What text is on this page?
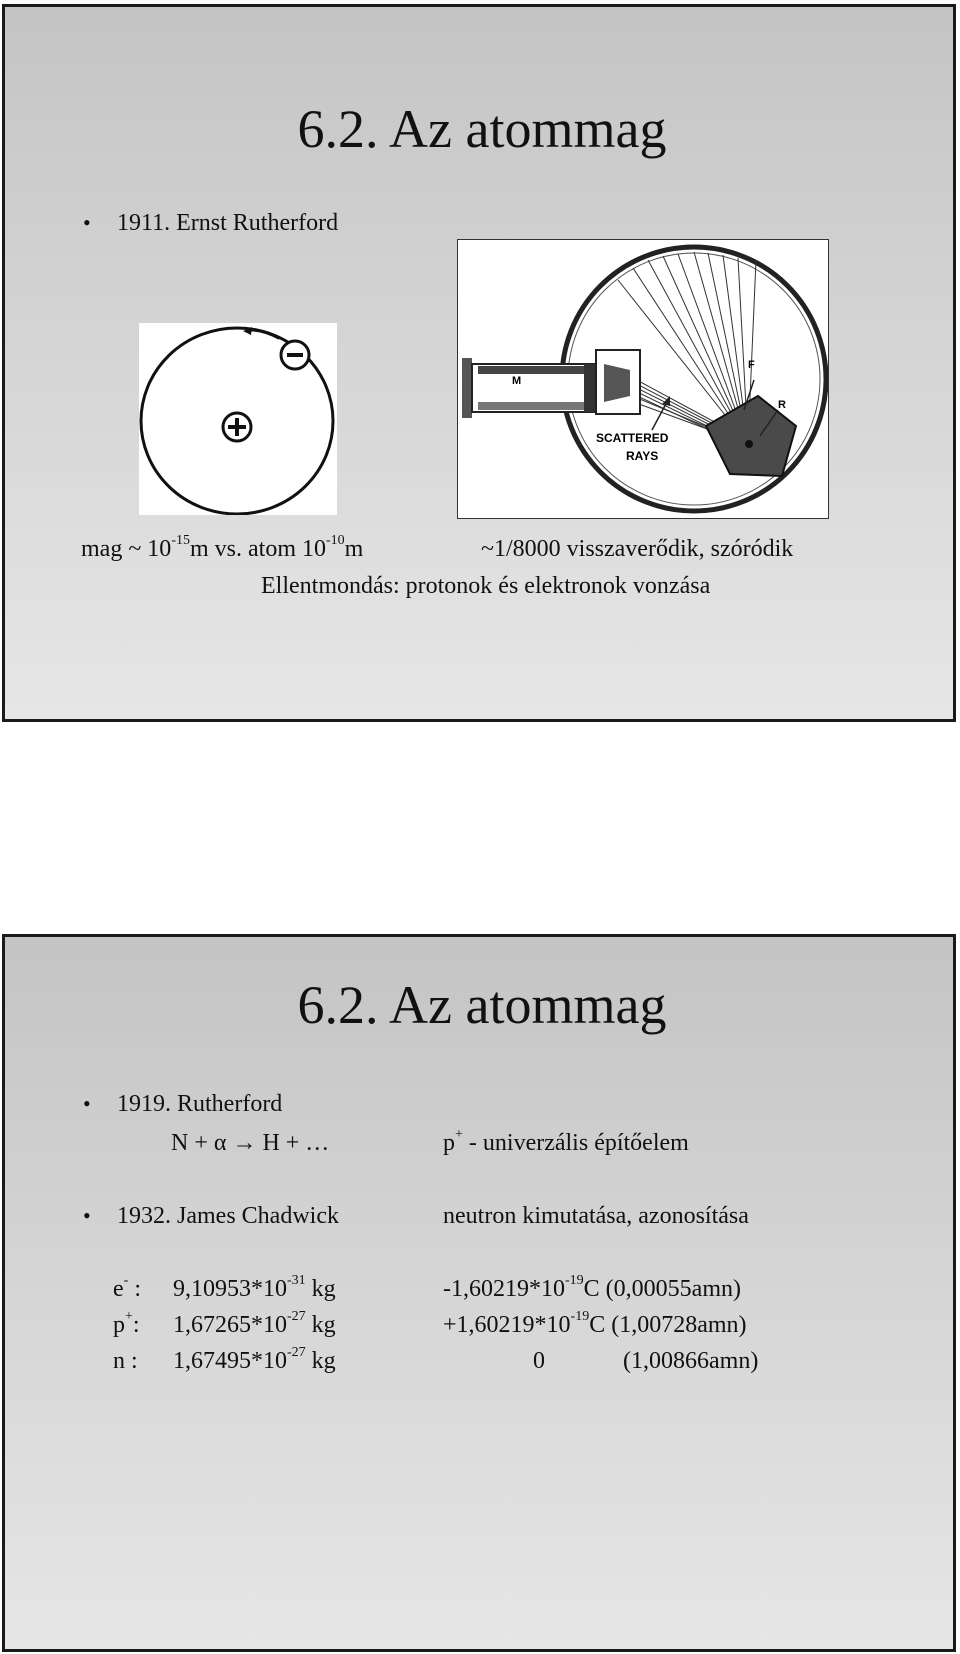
6.2. Az atommag
• 1911. Ernst Rutherford
M
F
R
SCATTERED
RAYS
mag ~ $10^{-15}m$ vs. atom $10^{-10}m$	~1/8000 visszaverődik, szóródik
Ellentmondás: protonok és elektronok vonzása
6.2. Az atommag
• 1919. Rutherford
N + α → H + …	p+ - univerzális építőelem
• 1932. James Chadwick	neutron kimutatása, azonosítása
e- : $9,10953*10^{-31}$ kg	$-1,60219*10^{-19}C$ (0,00055amn)
p+: $1,67265*10^{-27}$ kg	$+1,60219*10^{-19}C$ (1,00728amn)
n : $1,67495*10^{-27}$ kg	0	(1,00866amn)
